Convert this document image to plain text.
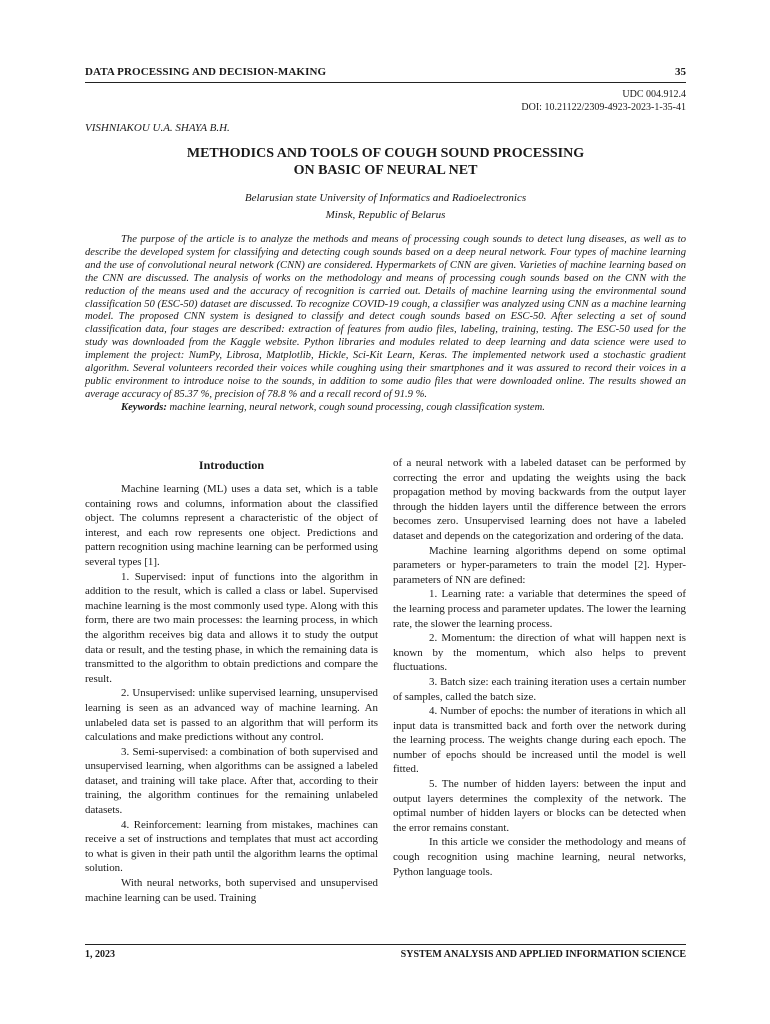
DATA PROCESSING AND DECISION-MAKING	35
UDC 004.912.4
DOI: 10.21122/2309-4923-2023-1-35-41
VISHNIAKOU U.A. SHAYA B.H.
METHODICS AND TOOLS OF COUGH SOUND PROCESSING
ON BASIC OF NEURAL NET
Belarusian state University of Informatics and Radioelectronics
Minsk, Republic of Belarus

The purpose of the article is to analyze the methods and means of processing cough sounds to detect lung diseases, as well as to describe the developed system for classifying and detecting cough sounds based on a deep neural network. Four types of machine learning and the use of convolutional neural network (CNN) are considered. Hypermarkets of CNN are given. Varieties of machine learning based on the CNN are discussed. The analysis of works on the methodology and means of processing cough sounds based on the CNN with the reduction of the means used and the accuracy of recognition is carried out. Details of machine learning using the environmental sound classification 50 (ESC-50) dataset are discussed. To recognize COVID-19 cough, a classifier was analyzed using CNN as a machine learning model. The proposed CNN system is designed to classify and detect cough sounds based on ESC-50. After selecting a set of sound classification data, four stages are described: extraction of features from audio files, labeling, training, testing. The ESC-50 used for the study was downloaded from the Kaggle website. Python libraries and modules related to deep learning and data science were used to implement the project: NumPy, Librosa, Matplotlib, Hickle, Sci-Kit Learn, Keras. The implemented network used a stochastic gradient algorithm. Several volunteers recorded their voices while coughing using their smartphones and it was assured to record their voices in a public environment to introduce noise to the sounds, in addition to some audio files that were downloaded online. The results showed an average accuracy of 85.37 %, precision of 78.8 % and a recall record of 91.9 %.

Keywords: machine learning, neural network, cough sound processing, cough classification system.

Introduction

Machine learning (ML) uses a data set, which is a table containing rows and columns, information about the classified object. The columns represent a characteristic of the object of interest, and each row represents one object. Predictions and pattern recognition using machine learning can be performed using several types [1].

1. Supervised: input of functions into the algorithm in addition to the result, which is called a class or label. Supervised machine learning is the most commonly used type. Along with this form, there are two main processes: the learning process, in which the algorithm receives big data and allows it to study the output data or result, and the testing phase, in which the remaining data is transmitted to the algorithm to obtain predictions and compare the result.

2. Unsupervised: unlike supervised learning, unsupervised learning is seen as an advanced way of machine learning. An unlabeled data set is passed to an algorithm that will perform its calculations and make predictions without any control.

3. Semi-supervised: a combination of both supervised and unsupervised learning, when algorithms can be assigned a labeled dataset, and training will take place. After that, according to their training, the algorithm continues for the remaining unlabeled datasets.

4. Reinforcement: learning from mistakes, machines can receive a set of instructions and templates that must act according to what is given in their path until the algorithm learns the optimal solution.

With neural networks, both supervised and unsupervised machine learning can be used. Training

of a neural network with a labeled dataset can be performed by correcting the error and updating the weights using the back propagation method by moving backwards from the output layer through the hidden layers until the difference between the errors becomes zero. Unsupervised learning does not have a labeled dataset and depends on the categorization and ordering of the data.

Machine learning algorithms depend on some optimal parameters or hyper-parameters to train the model [2]. Hyper-parameters of NN are defined:

1. Learning rate: a variable that determines the speed of the learning process and parameter updates. The lower the learning rate, the slower the learning process.

2. Momentum: the direction of what will happen next is known by the momentum, which also helps to prevent fluctuations.

3. Batch size: each training iteration uses a certain number of samples, called the batch size.

4. Number of epochs: the number of iterations in which all input data is transmitted back and forth over the network during the learning process. The weights change during each epoch. The number of epochs should be increased until the model is well fitted.

5. The number of hidden layers: between the input and output layers determines the complexity of the network. The optimal number of hidden layers or blocks can be detected when the error remains constant.

In this article we consider the methodology and means of cough recognition using machine learning, neural networks, Python language tools.

1, 2023	SYSTEM ANALYSIS AND APPLIED INFORMATION SCIENCE
